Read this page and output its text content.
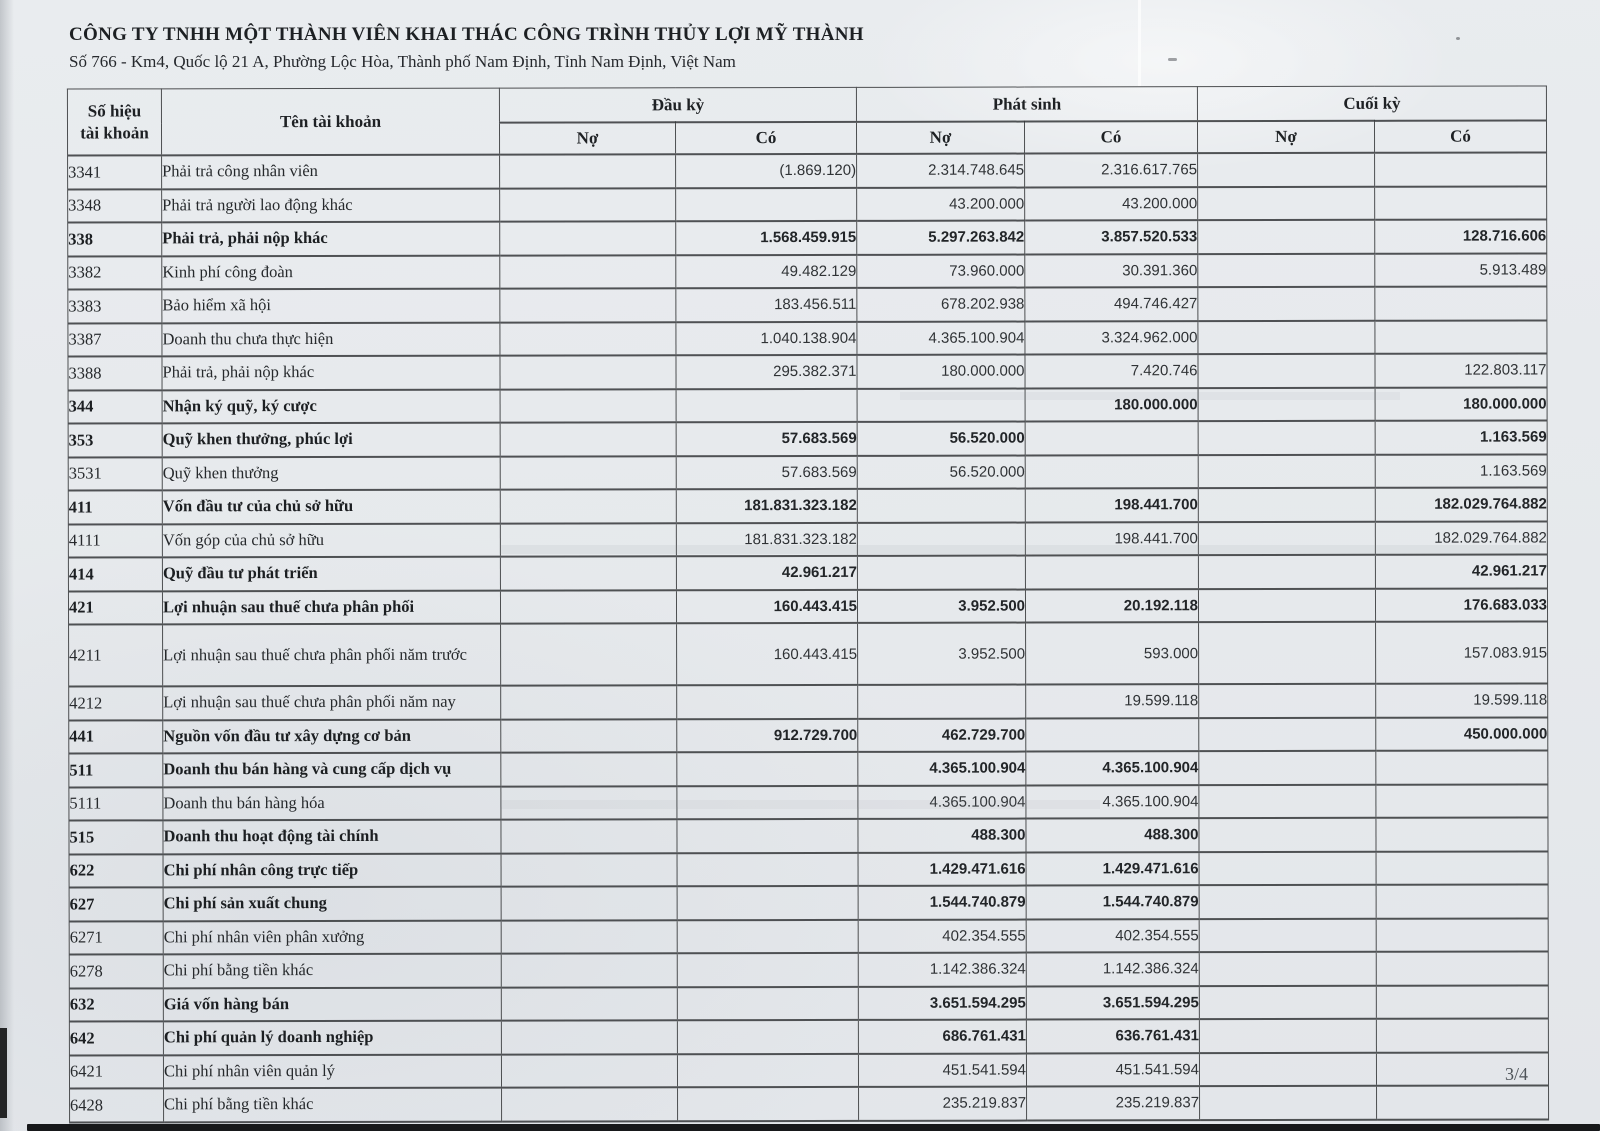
CÔNG TY TNHH MỘT THÀNH VIÊN KHAI THÁC CÔNG TRÌNH THỦY LỢI MỸ THÀNH
Số 766 - Km4, Quốc lộ 21 A, Phường Lộc Hòa, Thành phố Nam Định, Tỉnh Nam Định, Việt Nam
Số hiệu
tài khoản	Tên tài khoản	Đầu kỳ		Phát sinh		Cuối kỳ	
		Nợ	Có	Nợ	Có	Nợ	Có
3341	Phải trả công nhân viên		(1.869.120)	2.314.748.645	2.316.617.765		
3348	Phải trả người lao động khác			43.200.000	43.200.000		
338	Phải trả, phải nộp khác		1.568.459.915	5.297.263.842	3.857.520.533		128.716.606
3382	Kinh phí công đoàn		49.482.129	73.960.000	30.391.360		5.913.489
3383	Bảo hiểm xã hội		183.456.511	678.202.938	494.746.427		
3387	Doanh thu chưa thực hiện		1.040.138.904	4.365.100.904	3.324.962.000		
3388	Phải trả, phải nộp khác		295.382.371	180.000.000	7.420.746		122.803.117
344	Nhận ký quỹ, ký cược				180.000.000		180.000.000
353	Quỹ khen thưởng, phúc lợi		57.683.569	56.520.000			1.163.569
3531	Quỹ khen thưởng		57.683.569	56.520.000			1.163.569
411	Vốn đầu tư của chủ sở hữu		181.831.323.182		198.441.700		182.029.764.882
4111	Vốn góp của chủ sở hữu		181.831.323.182		198.441.700		182.029.764.882
414	Quỹ đầu tư phát triển		42.961.217				42.961.217
421	Lợi nhuận sau thuế chưa phân phối		160.443.415	3.952.500	20.192.118		176.683.033
4211	Lợi nhuận sau thuế chưa phân phối năm trước		160.443.415	3.952.500	593.000		157.083.915
4212	Lợi nhuận sau thuế chưa phân phối năm nay				19.599.118		19.599.118
441	Nguồn vốn đầu tư xây dựng cơ bản		912.729.700	462.729.700			450.000.000
511	Doanh thu bán hàng và cung cấp dịch vụ			4.365.100.904	4.365.100.904		
5111	Doanh thu bán hàng hóa			4.365.100.904	4.365.100.904		
515	Doanh thu hoạt động tài chính			488.300	488.300		
622	Chi phí nhân công trực tiếp			1.429.471.616	1.429.471.616		
627	Chi phí sản xuất chung			1.544.740.879	1.544.740.879		
6271	Chi phí nhân viên phân xưởng			402.354.555	402.354.555		
6278	Chi phí bằng tiền khác			1.142.386.324	1.142.386.324		
632	Giá vốn hàng bán			3.651.594.295	3.651.594.295		
642	Chi phí quản lý doanh nghiệp			686.761.431	636.761.431		
6421	Chi phí nhân viên quản lý			451.541.594	451.541.594		
6428	Chi phí bằng tiền khác			235.219.837	235.219.837		
3/4
